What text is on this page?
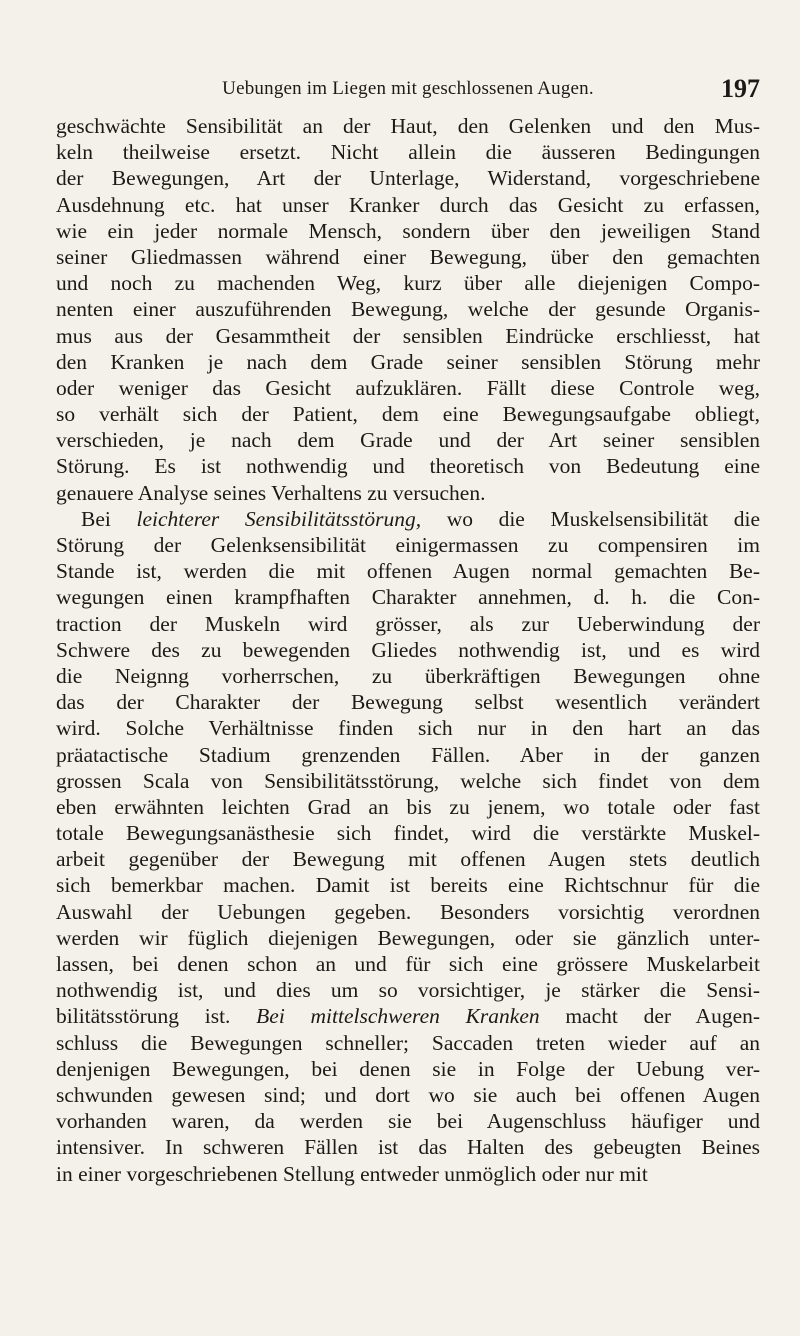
Uebungen im Liegen mit geschlossenen Augen.	197
geschwächte Sensibilität an der Haut, den Gelenken und den Mus-
keln theilweise ersetzt. Nicht allein die äusseren Bedingungen
der Bewegungen, Art der Unterlage, Widerstand, vorgeschriebene
Ausdehnung etc. hat unser Kranker durch das Gesicht zu erfassen,
wie ein jeder normale Mensch, sondern über den jeweiligen Stand
seiner Gliedmassen während einer Bewegung, über den gemachten
und noch zu machenden Weg, kurz über alle diejenigen Compo-
nenten einer auszuführenden Bewegung, welche der gesunde Organis-
mus aus der Gesammtheit der sensiblen Eindrücke erschliesst, hat
den Kranken je nach dem Grade seiner sensiblen Störung mehr
oder weniger das Gesicht aufzuklären. Fällt diese Controle weg,
so verhält sich der Patient, dem eine Bewegungsaufgabe obliegt,
verschieden, je nach dem Grade und der Art seiner sensiblen
Störung. Es ist nothwendig und theoretisch von Bedeutung eine
genauere Analyse seines Verhaltens zu versuchen.
Bei leichterer Sensibilitätsstörung, wo die Muskelsensibilität die
Störung der Gelenksensibilität einigermassen zu compensiren im
Stande ist, werden die mit offenen Augen normal gemachten Be-
wegungen einen krampfhaften Charakter annehmen, d. h. die Con-
traction der Muskeln wird grösser, als zur Ueberwindung der
Schwere des zu bewegenden Gliedes nothwendig ist, und es wird
die Neignng vorherrschen, zu überkräftigen Bewegungen ohne
das der Charakter der Bewegung selbst wesentlich verändert
wird. Solche Verhältnisse finden sich nur in den hart an das
präatactische Stadium grenzenden Fällen. Aber in der ganzen
grossen Scala von Sensibilitätsstörung, welche sich findet von dem
eben erwähnten leichten Grad an bis zu jenem, wo totale oder fast
totale Bewegungsanästhesie sich findet, wird die verstärkte Muskel-
arbeit gegenüber der Bewegung mit offenen Augen stets deutlich
sich bemerkbar machen. Damit ist bereits eine Richtschnur für die
Auswahl der Uebungen gegeben. Besonders vorsichtig verordnen
werden wir füglich diejenigen Bewegungen, oder sie gänzlich unter-
lassen, bei denen schon an und für sich eine grössere Muskelarbeit
nothwendig ist, und dies um so vorsichtiger, je stärker die Sensi-
bilitätsstörung ist. Bei mittelschweren Kranken macht der Augen-
schluss die Bewegungen schneller; Saccaden treten wieder auf an
denjenigen Bewegungen, bei denen sie in Folge der Uebung ver-
schwunden gewesen sind; und dort wo sie auch bei offenen Augen
vorhanden waren, da werden sie bei Augenschluss häufiger und
intensiver. In schweren Fällen ist das Halten des gebeugten Beines
in einer vorgeschriebenen Stellung entweder unmöglich oder nur mit
